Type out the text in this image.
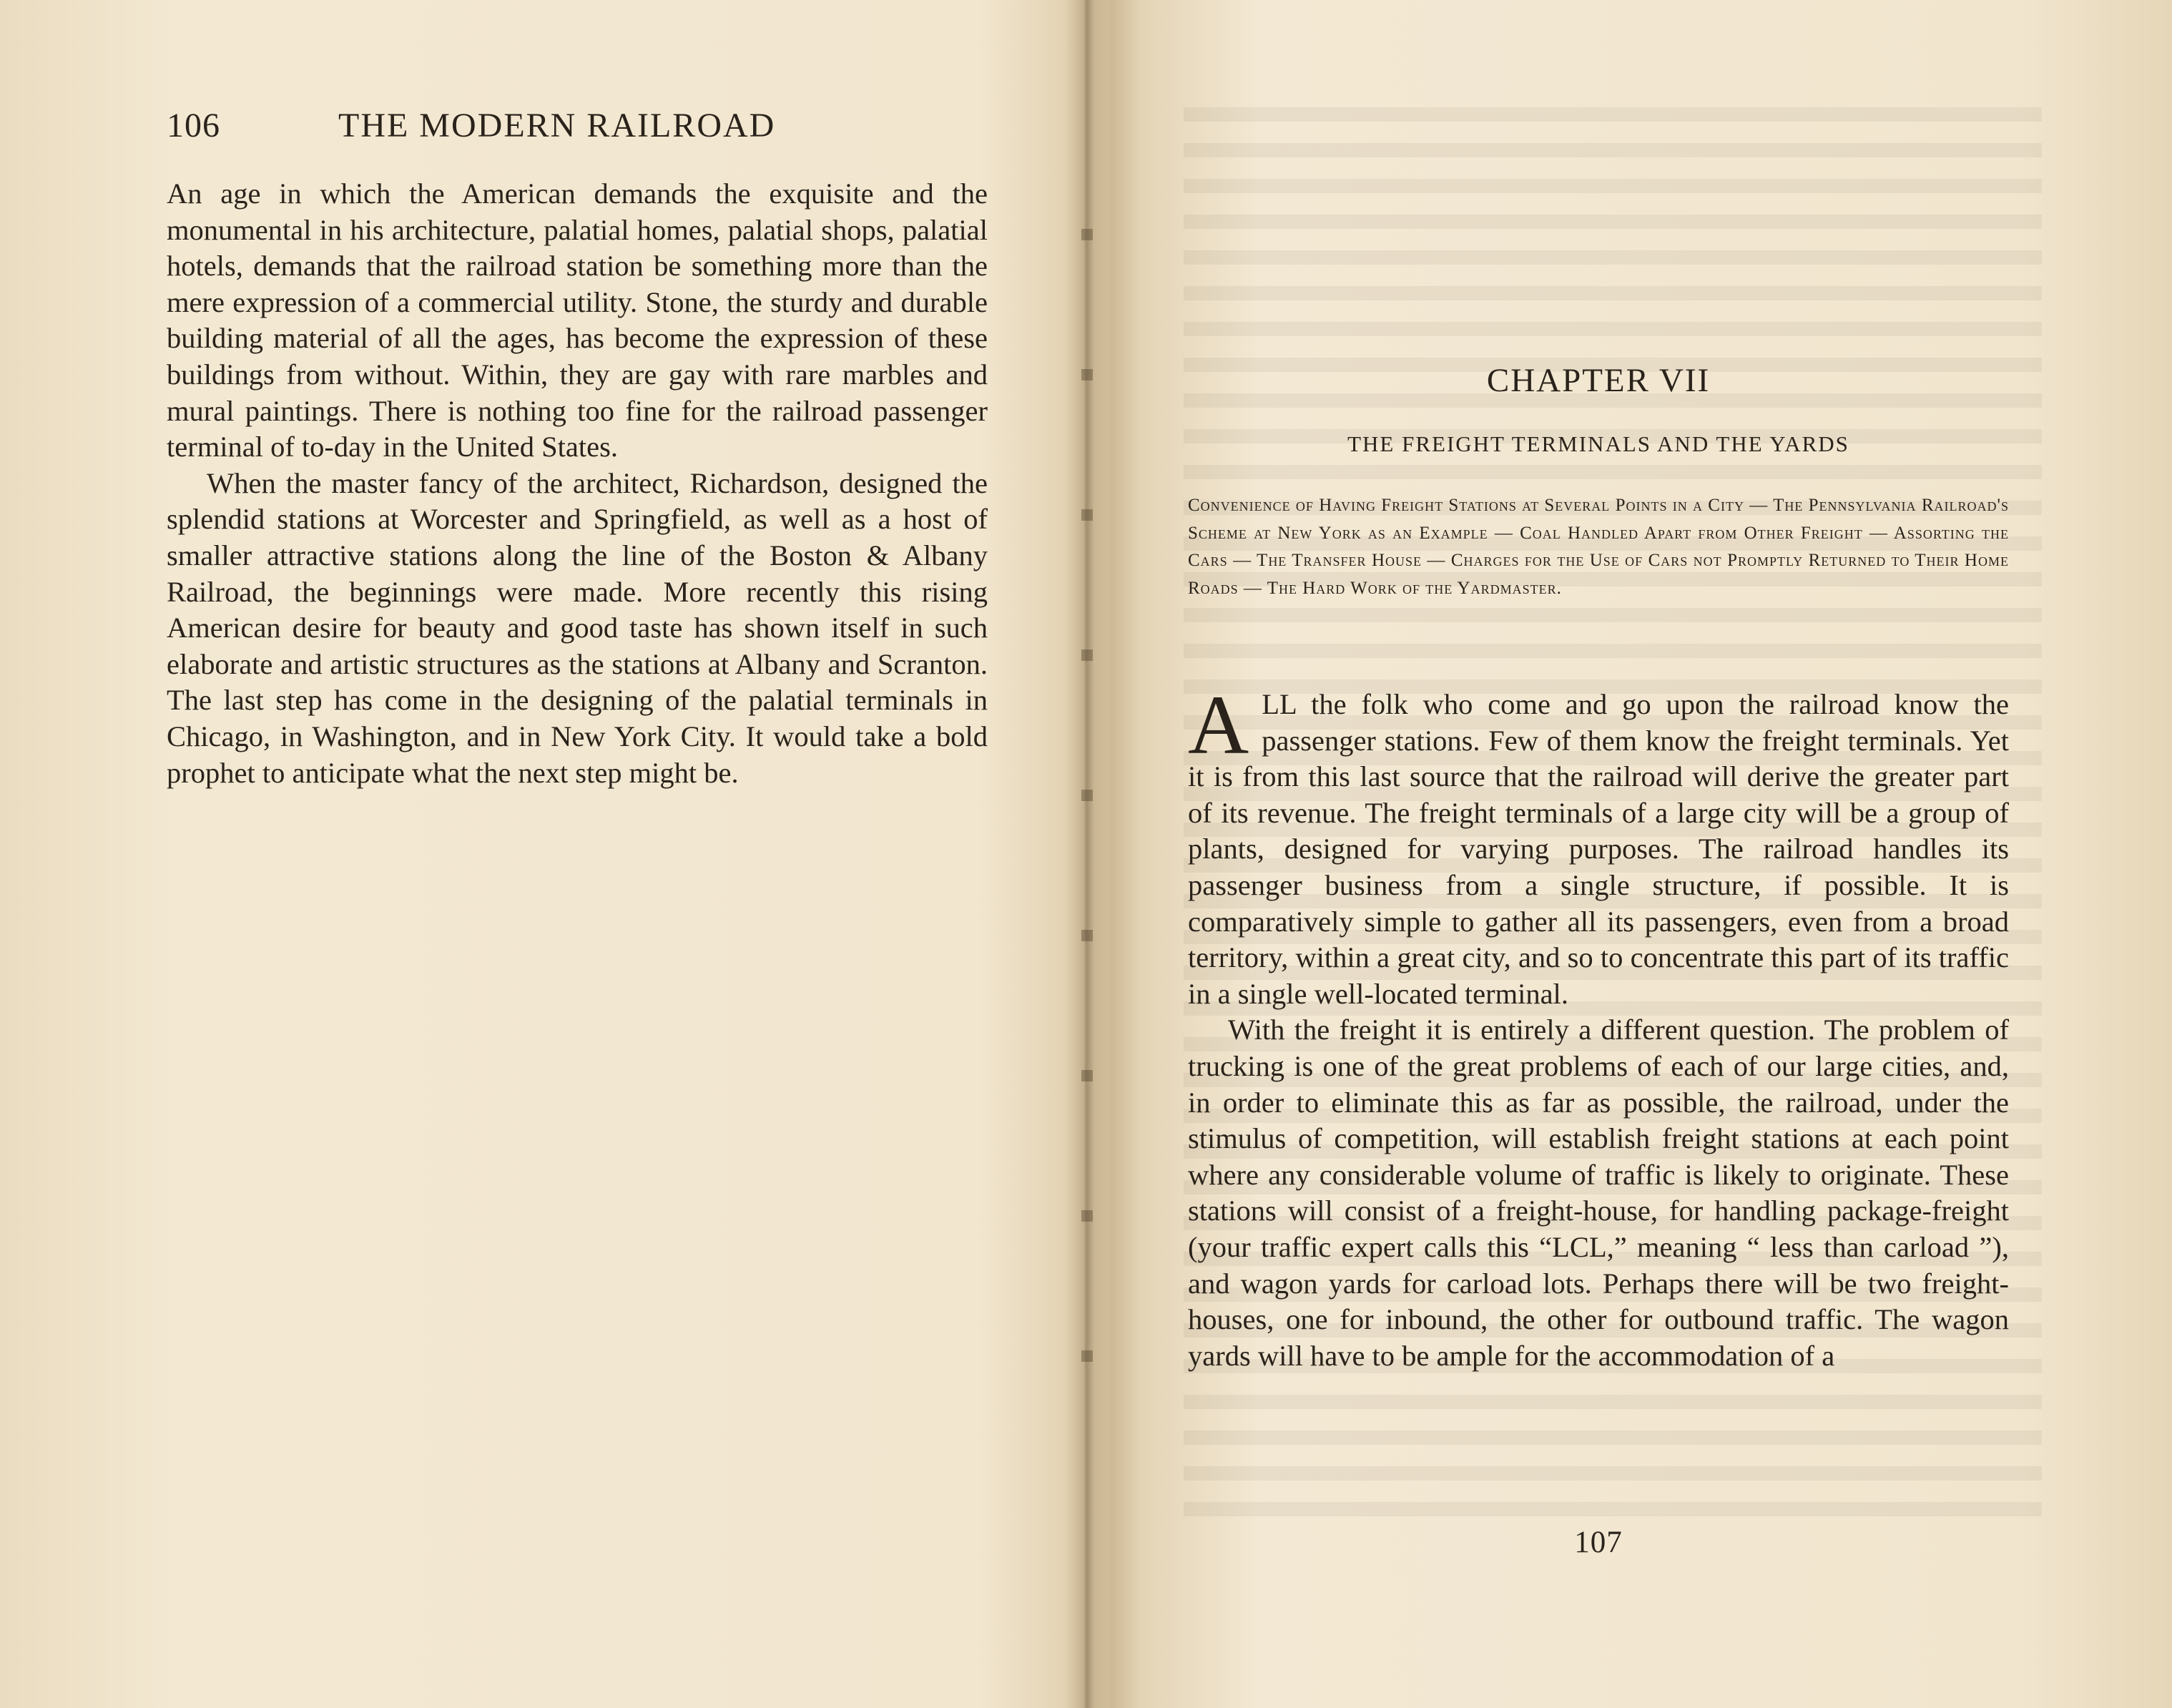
106	THE MODERN RAILROAD

An age in which the American demands the exquisite and the monumental in his architecture, palatial homes, palatial shops, palatial hotels, demands that the railroad station be something more than the mere expression of a commercial utility. Stone, the sturdy and durable building material of all the ages, has become the expression of these buildings from without. Within, they are gay with rare marbles and mural paintings. There is nothing too fine for the railroad passenger terminal of to-day in the United States.

When the master fancy of the architect, Richardson, designed the splendid stations at Worcester and Springfield, as well as a host of smaller attractive stations along the line of the Boston & Albany Railroad, the beginnings were made. More recently this rising American desire for beauty and good taste has shown itself in such elaborate and artistic structures as the stations at Albany and Scranton. The last step has come in the designing of the palatial terminals in Chicago, in Washington, and in New York City. It would take a bold prophet to anticipate what the next step might be.

CHAPTER VII
THE FREIGHT TERMINALS AND THE YARDS
Convenience of Having Freight Stations at Several Points in a City — The Pennsylvania Railroad's Scheme at New York as an Example — Coal Handled Apart from Other Freight — Assorting the Cars — The Transfer House — Charges for the Use of Cars not Promptly Returned to Their Home Roads — The Hard Work of the Yardmaster.

ALL the folk who come and go upon the railroad know the passenger stations. Few of them know the freight terminals. Yet it is from this last source that the railroad will derive the greater part of its revenue. The freight terminals of a large city will be a group of plants, designed for varying purposes. The railroad handles its passenger business from a single structure, if possible. It is comparatively simple to gather all its passengers, even from a broad territory, within a great city, and so to concentrate this part of its traffic in a single well-located terminal.

With the freight it is entirely a different question. The problem of trucking is one of the great problems of each of our large cities, and, in order to eliminate this as far as possible, the railroad, under the stimulus of competition, will establish freight stations at each point where any considerable volume of traffic is likely to originate. These stations will consist of a freight-house, for handling package-freight (your traffic expert calls this “LCL,” meaning “ less than carload ”), and wagon yards for carload lots. Perhaps there will be two freight-houses, one for inbound, the other for outbound traffic. The wagon yards will have to be ample for the accommodation of a

107
